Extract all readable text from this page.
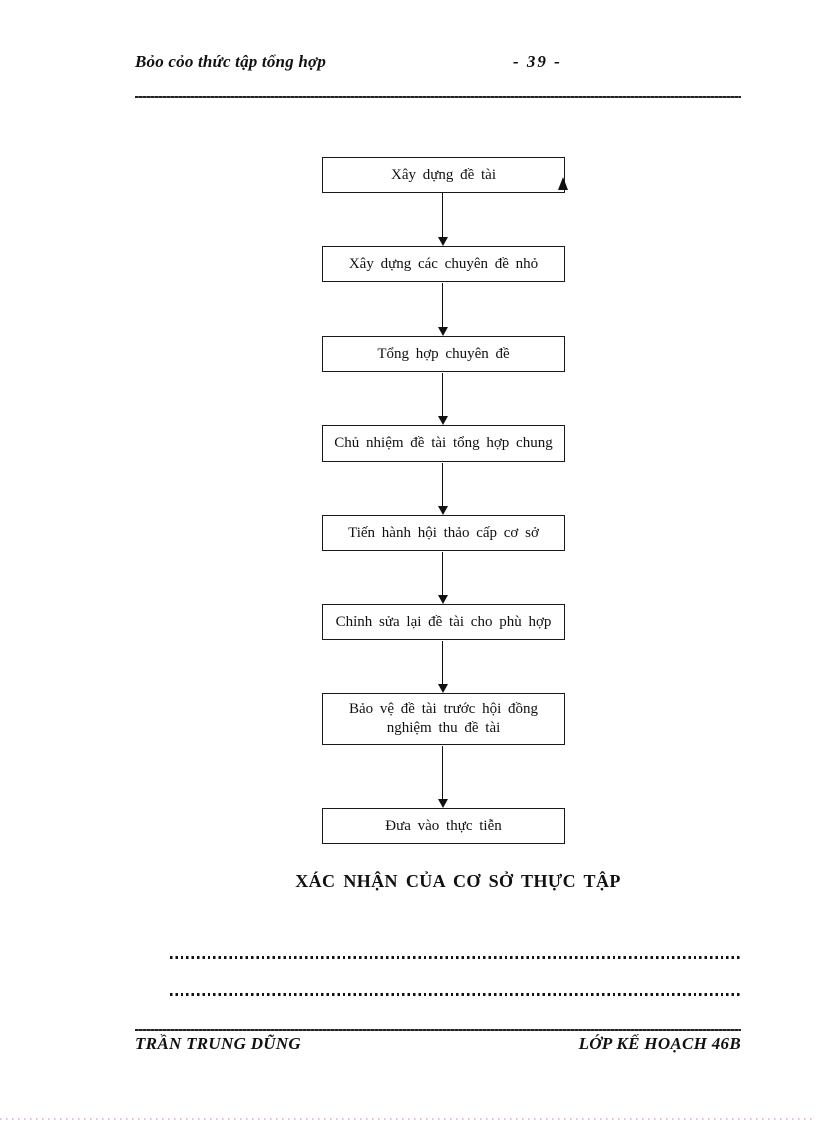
Bỏo cỏo thức tập tổng hợp	- 39 -
Xây dựng đề tài
Xây dựng các chuyên đề nhỏ
Tổng hợp chuyên đề
Chủ nhiệm đề tài tổng hợp chung
Tiến hành hội thảo cấp cơ sở
Chỉnh sửa lại đề tài cho phù hợp
Bảo vệ đề tài trước hội đồng nghiệm thu đề tài
Đưa vào thực tiễn
XÁC NHẬN CỦA CƠ SỞ THỰC TẬP
TRẦN TRUNG DŨNG	LỚP KẾ HOẠCH 46B
